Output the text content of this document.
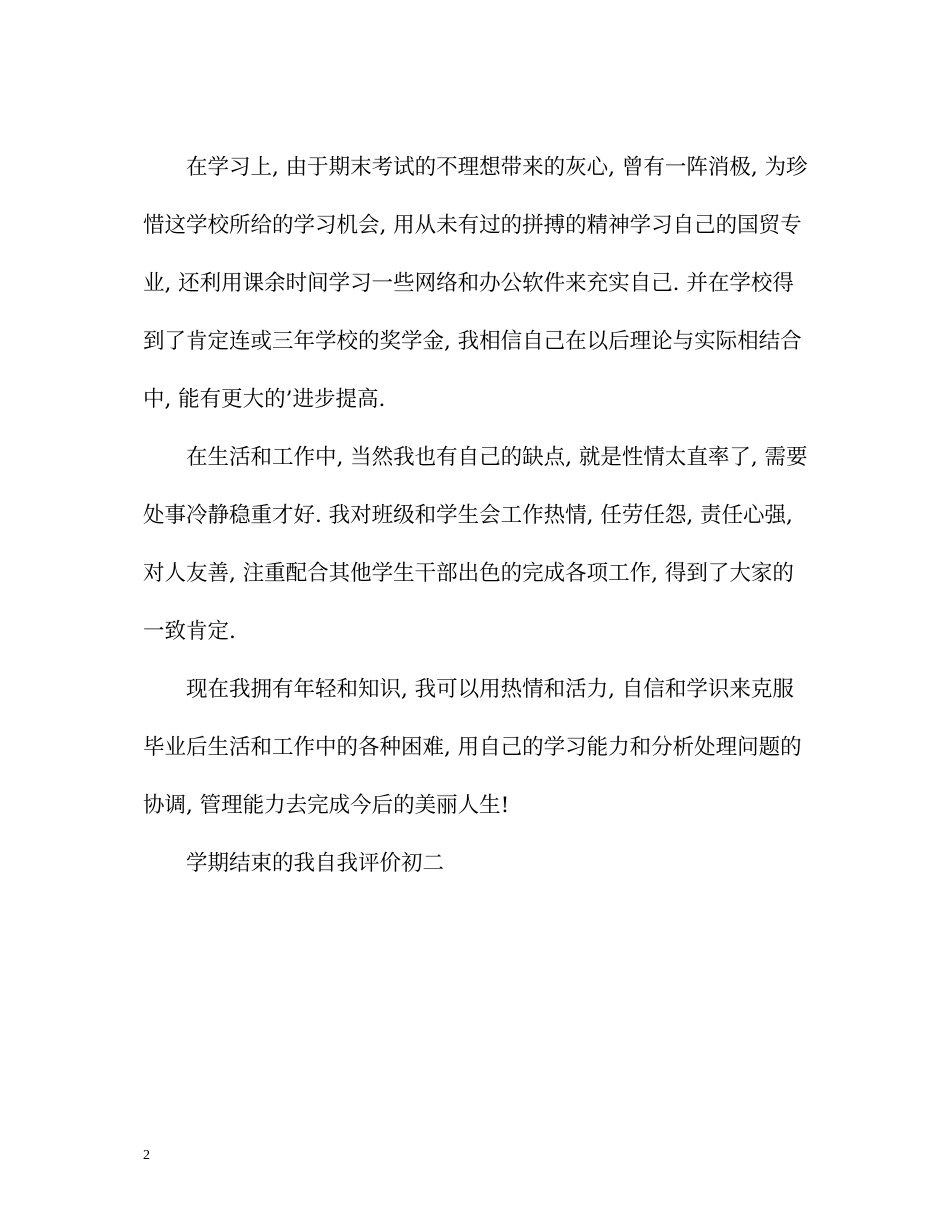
在学习上, 由于期末考试的不理想带来的灰心, 曾有一阵消极, 为珍
惜这学校所给的学习机会, 用从未有过的拼搏的精神学习自己的国贸专
业, 还利用课余时间学习一些网络和办公软件来充实自己. 并在学校得
到了肯定连或三年学校的奖学金, 我相信自己在以后理论与实际相结合
中, 能有更大的’进步提高.
在生活和工作中, 当然我也有自己的缺点, 就是性情太直率了, 需要
处事冷静稳重才好. 我对班级和学生会工作热情, 任劳任怨, 责任心强,
对人友善, 注重配合其他学生干部出色的完成各项工作, 得到了大家的
一致肯定.
现在我拥有年轻和知识, 我可以用热情和活力, 自信和学识来克服
毕业后生活和工作中的各种困难, 用自己的学习能力和分析处理问题的
协调, 管理能力去完成今后的美丽人生!
学期结束的我自我评价初二
2
